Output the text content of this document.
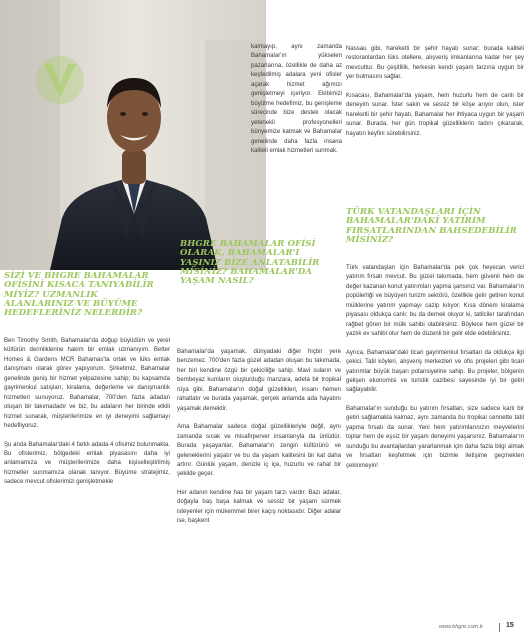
SİZİ VE BHGRE BAHAMALAR OFİSİNİ KISACA TANIYABİLİR MİYİZ? UZMANLIK ALANLARINIZ VE BÜYÜME HEDEFLERİNİZ NELERDİR?

Ben Timothy Smith, Bahamalar'da doğup büyüdüm ve yerel kültürün derinliklerine hakim bir emlak uzmanıyım. Better Homes & Gardens MCR Bahamas'ta ortak ve lüks emlak danışmanı olarak görev yapıyorum. Şirketimiz, Bahamalar genelinde geniş bir hizmet yelpazesine sahip; bu kapsamda gayrimenkul satışları, kiralama, değerleme ve danışmanlık hizmetleri sunuyoruz. Bahamalar, 700'den fazla adadan oluşan bir takımadadır ve biz, bu adaların her birinde etkili hizmet sunarak, müşterilerimize en iyi deneyimi sağlamayı hedefliyoruz.

Şu anda Bahamalar'daki 4 farklı adada 4 ofisimiz bulunmakta. Bu ofislerimiz, bölgedeki emlak piyasasını daha iyi anlamamıza ve müşterilerimize daha kişiselleştirilmiş hizmetler sunmamıza olanak tanıyor. Büyüme stratejimiz, sadece mevcut ofislerimizi genişletmekle

kalmayıp, aynı zamanda Bahamalar'ın yükselen pazarlarına, özellikle de daha az keşfedilmiş adalara yeni ofisler açarak hizmet ağımızı genişletmeyi içeriyor. Ekibimizi büyütme hedefimiz, bu genişleme sürecinde bize destek olacak yetenekli profesyonelleri bünyemize katmak ve Bahamalar genelinde daha fazla insana kaliteli emlak hizmetleri sunmak.

BHGRE BAHAMALAR OFİSİ OLARAK, BAHAMALAR'I YAŞINIZ BİZE ANLATABİLİR MİSİNİZ? BAHAMALAR'DA YAŞAM NASIL?

Bahamalar'da yaşamak, dünyadaki diğer hiçbir yere benzemez. 700'den fazla güzel adadan oluşan bu takımada, her biri kendine özgü bir çekiciliğe sahip. Mavi suların ve bembeyaz kumların oluşturduğu manzara, adeta bir tropikal rüya gibi. Bahamalar'ın doğal güzellikleri, insanı hemen rahatlatır ve burada yaşamak, gerçek anlamda ada hayatını yaşamak demektir.

Ama Bahamalar sadece doğal güzellikleriyle değil, aynı zamanda sıcak ve misafirperver insanlarıyla da ünlüdür. Burada yaşayanlar, Bahamalar'ın zengin kültürünü ve geleneklerini yaşatır ve bu da yaşam kalitesini bir kat daha artırır. Günlük yaşam, denizle iç içe, huzurlu ve rahat bir şekilde geçer.

Her adanın kendine has bir yaşam tarzı vardır. Bazı adalar, doğayla baş başa kalmak ve sessiz bir yaşam sürmek isteyenler için mükemmel birer kaçış noktasıdır. Diğer adalar ise, başkent

Nassau gibi, hareketli bir şehir hayatı sunar; burada kaliteli restoranlardan lüks otellere, alışveriş imkanlarına kadar her şey mevcuttur. Bu çeşitlilik, herkesin kendi yaşam tarzına uygun bir yer bulmasını sağlar.

Kısacası, Bahamalar'da yaşam, hem huzurlu hem de canlı bir deneyim sunar. İster sakin ve sessiz bir köşe arıyor olun, ister hareketli bir şehir hayatı, Bahamalar her ihtiyaca uygun bir yaşam sunar. Burada, her gün tropikal güzelliklerin tadını çıkararak, hayatın keyfini sürebilirsiniz.

TÜRK VATANDAŞLARI İÇİN BAHAMALAR'DAKİ YATIRIM FIRSATLARINDAN BAHSEDEBİLİR MİSİNİZ?

Türk vatandaşları için Bahamalar'da pek çok heyecan verici yatırım fırsatı mevcut. Bu güzel takımada, hem güvenli hem de değer kazanan konut yatırımları yapma şansınız var. Bahamalar'ın popülerliği ve büyüyen turizm sektörü, özellikle gelir getiren konut mülklerine yatırım yapmayı cazip kılıyor. Kısa dönem kiralama piyasası oldukça canlı; bu da demek oluyor ki, tatilciler tarafından rağbet gören bir mülk sahibi olabilirsiniz. Böylece hem güzel bir yazlık ev sahibi olur hem de düzenli bir gelir elde edebilirsiniz.

Ayrıca, Bahamalar'daki ticari gayrimenkul fırsatları da oldukça ilgi çekici. Tatil köyleri, alışveriş merkezleri ve ofis projeleri gibi ticari yatırımlar büyük başarı potansiyeline sahip. Bu projeler, bölgenin gelişen ekonomisi ve turistik cazibesi sayesinde iyi bir getiri sağlayabilir.

Bahamalar'ın sunduğu bu yatırım fırsatları, size sadece karlı bir getiri sağlamakla kalmaz, aynı zamanda bu tropikal cennette tatil yapma fırsatı da sunar. Yeni hem yatırımlarınızın meyvelerini toplar hem de eşsiz bir yaşam deneyimi yaşarsınız. Bahamalar'ın sunduğu bu avantajlardan yararlanmak için daha fazla bilgi almak ve fırsatları keşfetmek için bizimle iletişime geçmekten çekinmeyin!

www.bhgre.com.tr	15
